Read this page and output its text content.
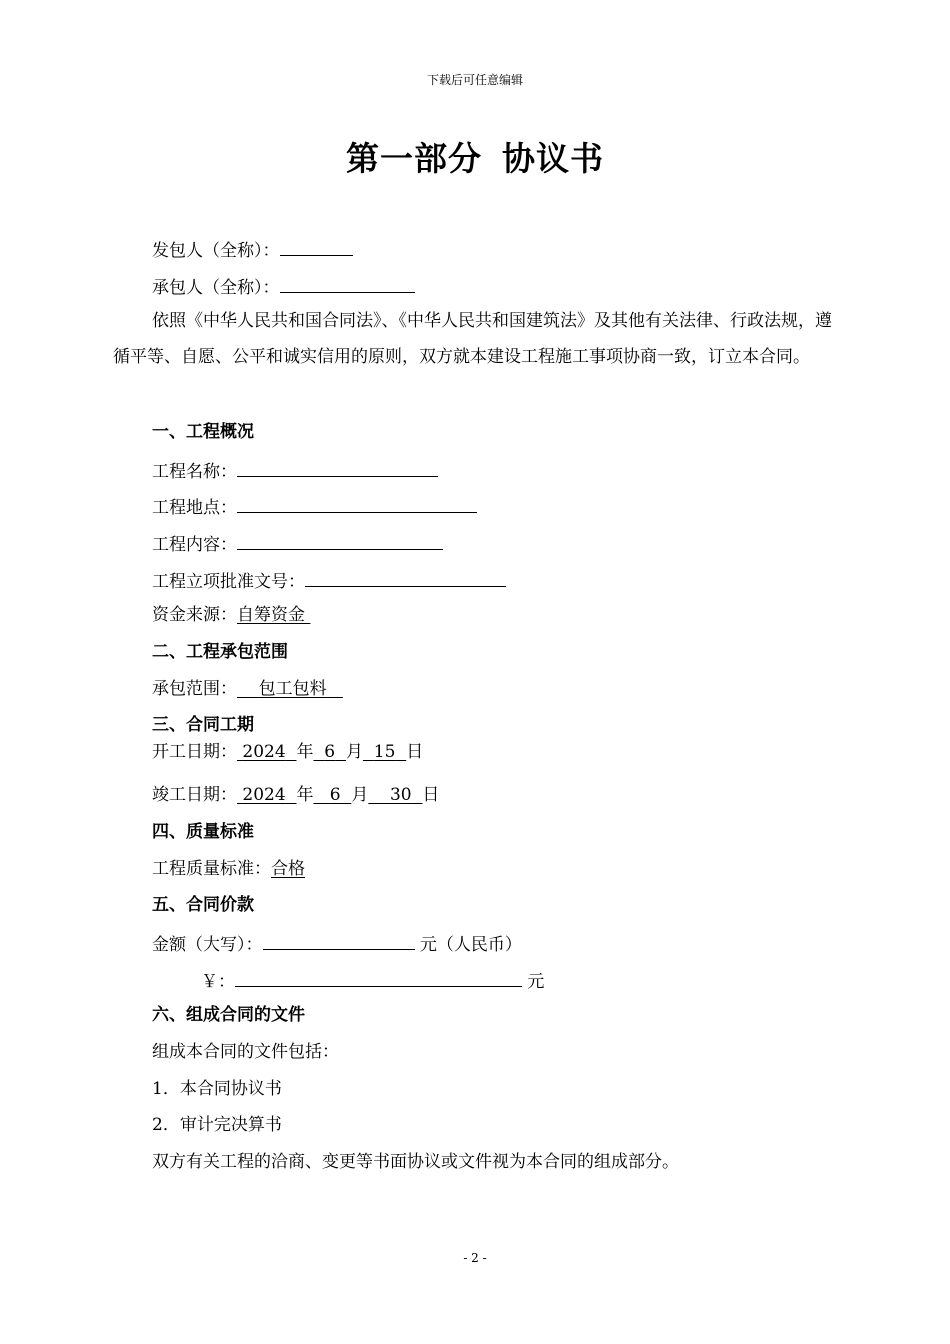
下载后可任意编辑
第一部分 协议书
发包人（全称）：
承包人（全称）：
依照《中华人民共和国合同法》、《中华人民共和国建筑法》及其他有关法律、行政法规，遵循平等、自愿、公平和诚实信用的原则，双方就本建设工程施工事项协商一致，订立本合同。
一、工程概况
工程名称：
工程地点：
工程内容：
工程立项批准文号：
资金来源：自筹资金
二、工程承包范围
承包范围： 包工包料
三、合同工期
开工日期： 2024 年 6 月 15 日
竣工日期： 2024 年 6 月 30 日
四、质量标准
工程质量标准：合格
五、合同价款
金额（大写）：	元（人民币）
￥：	元
六、组成合同的文件
组成本合同的文件包括：
1．本合同协议书
2．审计完决算书
双方有关工程的洽商、变更等书面协议或文件视为本合同的组成部分。
- 2 -
